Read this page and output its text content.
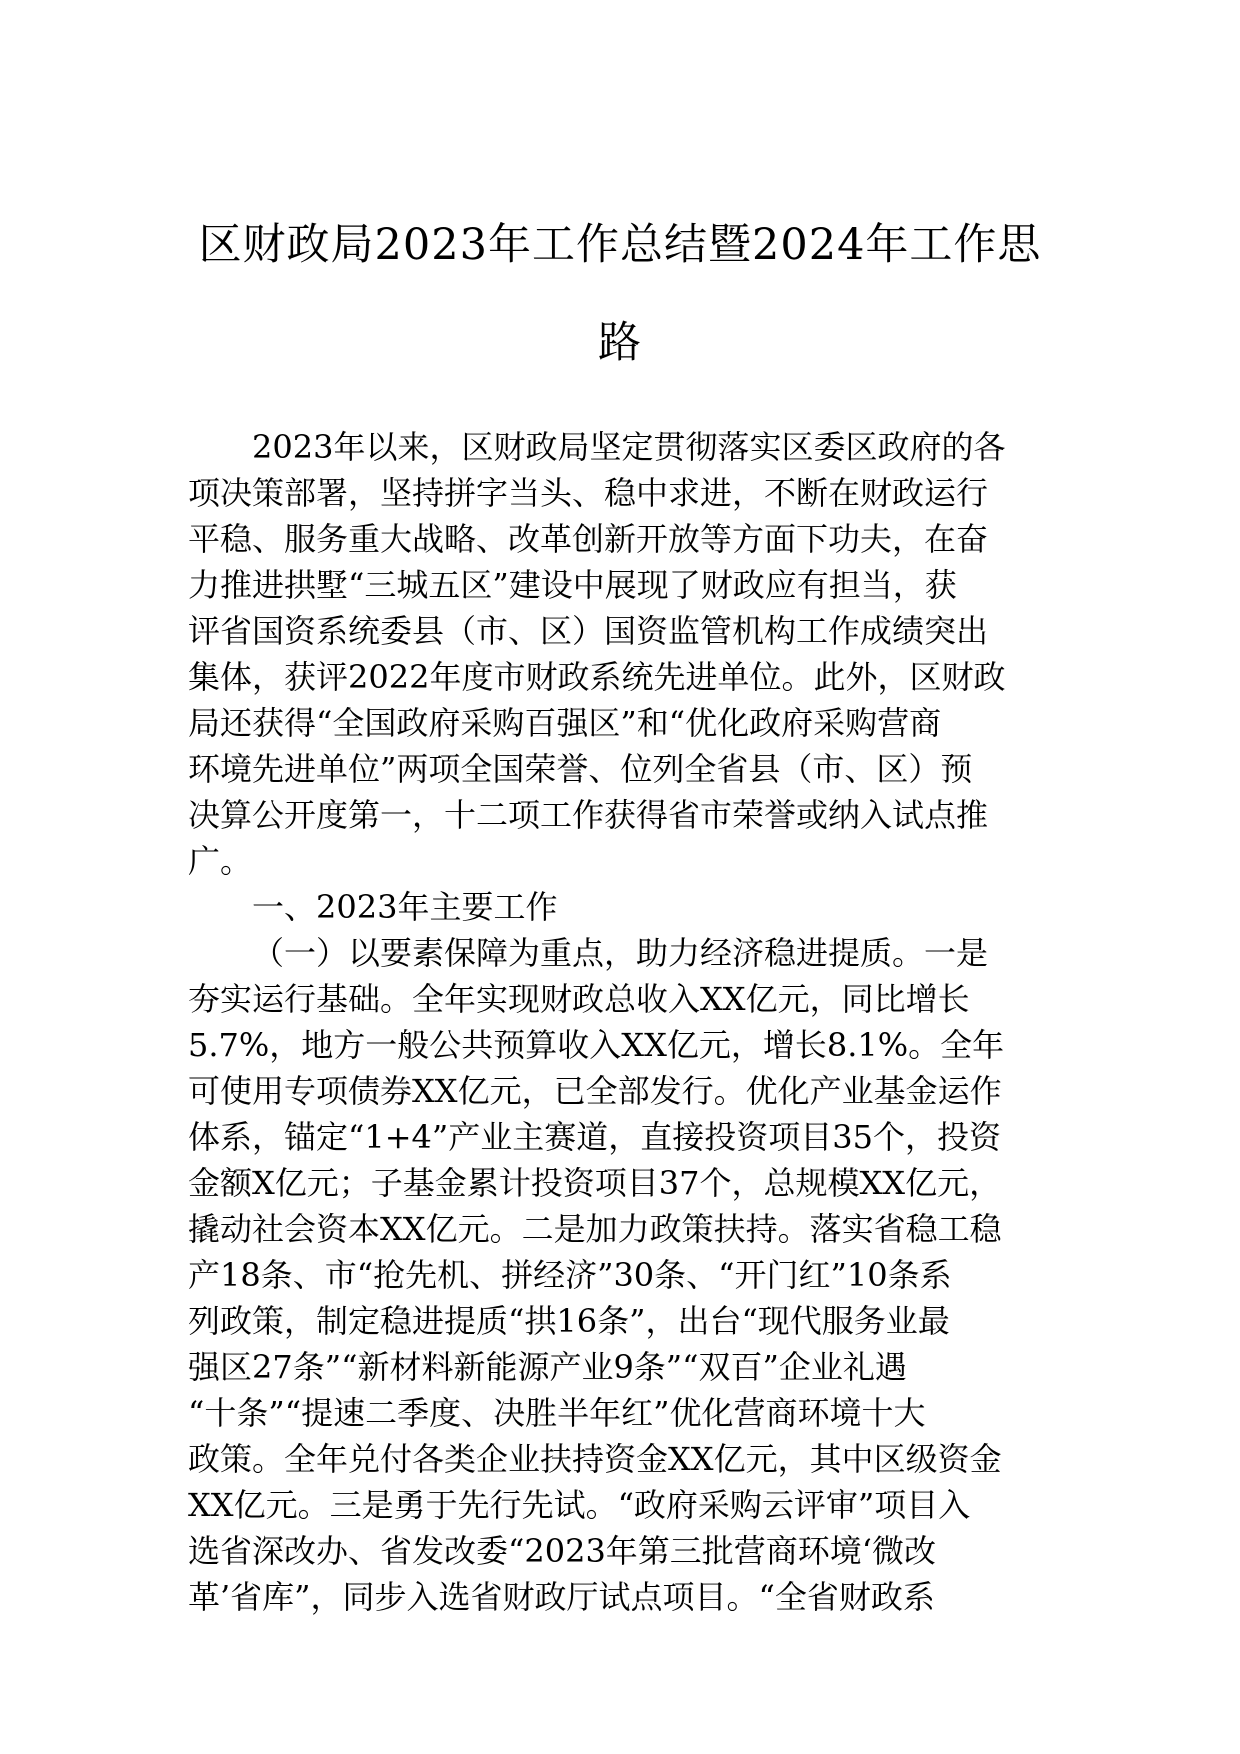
区财政局2023年工作总结暨2024年工作思
路
2023年以来，区财政局坚定贯彻落实区委区政府的各
项决策部署，坚持拼字当头、稳中求进，不断在财政运行
平稳、服务重大战略、改革创新开放等方面下功夫，在奋
力推进拱墅“三城五区”建设中展现了财政应有担当，获
评省国资系统委县（市、区）国资监管机构工作成绩突出
集体，获评2022年度市财政系统先进单位。此外，区财政
局还获得“全国政府采购百强区”和“优化政府采购营商
环境先进单位”两项全国荣誉、位列全省县（市、区）预
决算公开度第一，十二项工作获得省市荣誉或纳入试点推
广。
一、2023年主要工作
（一）以要素保障为重点，助力经济稳进提质。一是
夯实运行基础。全年实现财政总收入XX亿元，同比增长
5.7%，地方一般公共预算收入XX亿元，增长8.1%。全年
可使用专项债券XX亿元，已全部发行。优化产业基金运作
体系，锚定“1+4”产业主赛道，直接投资项目35个，投资
金额X亿元；子基金累计投资项目37个，总规模XX亿元，
撬动社会资本XX亿元。二是加力政策扶持。落实省稳工稳
产18条、市“抢先机、拼经济”30条、“开门红”10条系
列政策，制定稳进提质“拱16条”，出台“现代服务业最
强区27条”“新材料新能源产业9条”“双百”企业礼遇
“十条”“提速二季度、决胜半年红”优化营商环境十大
政策。全年兑付各类企业扶持资金XX亿元，其中区级资金
XX亿元。三是勇于先行先试。“政府采购云评审”项目入
选省深改办、省发改委“2023年第三批营商环境‘微改
革’省库”，同步入选省财政厅试点项目。“全省财政系
